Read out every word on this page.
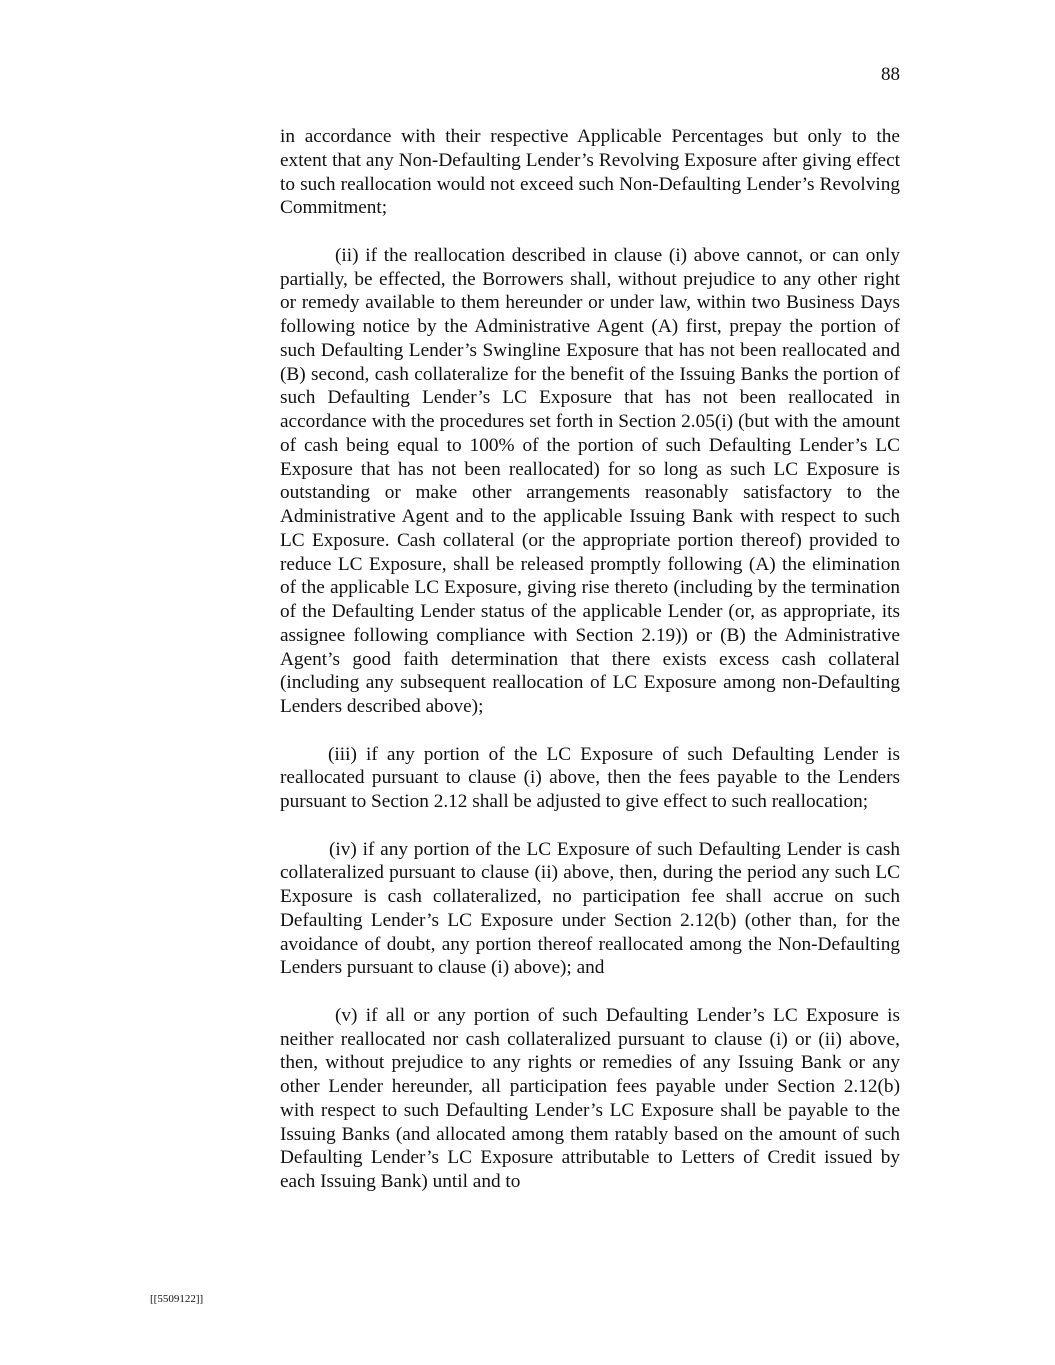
88

in accordance with their respective Applicable Percentages but only to the extent that any Non-Defaulting Lender’s Revolving Exposure after giving effect to such reallocation would not exceed such Non-Defaulting Lender’s Revolving Commitment;

(ii) if the reallocation described in clause (i) above cannot, or can only partially, be effected, the Borrowers shall, without prejudice to any other right or remedy available to them hereunder or under law, within two Business Days following notice by the Administrative Agent (A) first, prepay the portion of such Defaulting Lender’s Swingline Exposure that has not been reallocated and (B) second, cash collateralize for the benefit of the Issuing Banks the portion of such Defaulting Lender’s LC Exposure that has not been reallocated in accordance with the procedures set forth in Section 2.05(i) (but with the amount of cash being equal to 100% of the portion of such Defaulting Lender’s LC Exposure that has not been reallocated) for so long as such LC Exposure is outstanding or make other arrangements reasonably satisfactory to the Administrative Agent and to the applicable Issuing Bank with respect to such LC Exposure. Cash collateral (or the appropriate portion thereof) provided to reduce LC Exposure, shall be released promptly following (A) the elimination of the applicable LC Exposure, giving rise thereto (including by the termination of the Defaulting Lender status of the applicable Lender (or, as appropriate, its assignee following compliance with Section 2.19)) or (B) the Administrative Agent’s good faith determination that there exists excess cash collateral (including any subsequent reallocation of LC Exposure among non-Defaulting Lenders described above);

(iii) if any portion of the LC Exposure of such Defaulting Lender is reallocated pursuant to clause (i) above, then the fees payable to the Lenders pursuant to Section 2.12 shall be adjusted to give effect to such reallocation;

(iv) if any portion of the LC Exposure of such Defaulting Lender is cash collateralized pursuant to clause (ii) above, then, during the period any such LC Exposure is cash collateralized, no participation fee shall accrue on such Defaulting Lender’s LC Exposure under Section 2.12(b) (other than, for the avoidance of doubt, any portion thereof reallocated among the Non-Defaulting Lenders pursuant to clause (i) above); and

(v) if all or any portion of such Defaulting Lender’s LC Exposure is neither reallocated nor cash collateralized pursuant to clause (i) or (ii) above, then, without prejudice to any rights or remedies of any Issuing Bank or any other Lender hereunder, all participation fees payable under Section 2.12(b) with respect to such Defaulting Lender’s LC Exposure shall be payable to the Issuing Banks (and allocated among them ratably based on the amount of such Defaulting Lender’s LC Exposure attributable to Letters of Credit issued by each Issuing Bank) until and to

[[5509122]]
